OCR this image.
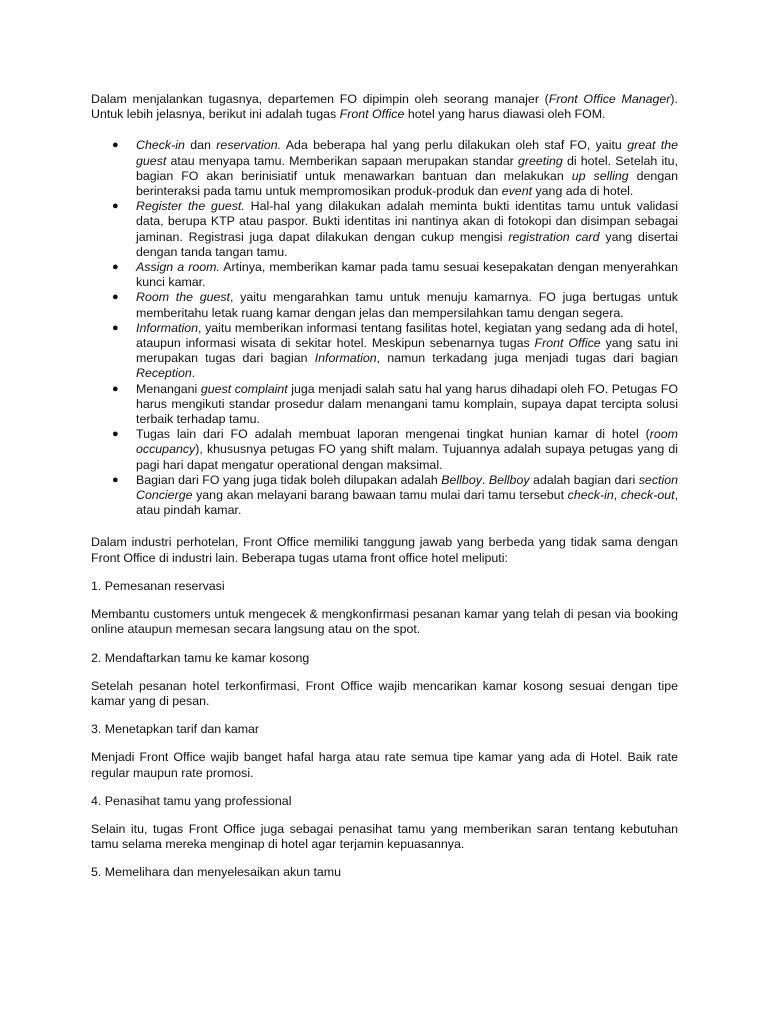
Dalam menjalankan tugasnya, departemen FO dipimpin oleh seorang manajer (Front Office Manager). Untuk lebih jelasnya, berikut ini adalah tugas Front Office hotel yang harus diawasi oleh FOM.

● Check-in dan reservation. Ada beberapa hal yang perlu dilakukan oleh staf FO, yaitu great the guest atau menyapa tamu. Memberikan sapaan merupakan standar greeting di hotel. Setelah itu, bagian FO akan berinisiatif untuk menawarkan bantuan dan melakukan up selling dengan berinteraksi pada tamu untuk mempromosikan produk-produk dan event yang ada di hotel.
● Register the guest. Hal-hal yang dilakukan adalah meminta bukti identitas tamu untuk validasi data, berupa KTP atau paspor. Bukti identitas ini nantinya akan di fotokopi dan disimpan sebagai jaminan. Registrasi juga dapat dilakukan dengan cukup mengisi registration card yang disertai dengan tanda tangan tamu.
● Assign a room. Artinya, memberikan kamar pada tamu sesuai kesepakatan dengan menyerahkan kunci kamar.
● Room the guest, yaitu mengarahkan tamu untuk menuju kamarnya. FO juga bertugas untuk memberitahu letak ruang kamar dengan jelas dan mempersilahkan tamu dengan segera.
● Information, yaitu memberikan informasi tentang fasilitas hotel, kegiatan yang sedang ada di hotel, ataupun informasi wisata di sekitar hotel. Meskipun sebenarnya tugas Front Office yang satu ini merupakan tugas dari bagian Information, namun terkadang juga menjadi tugas dari bagian Reception.
● Menangani guest complaint juga menjadi salah satu hal yang harus dihadapi oleh FO. Petugas FO harus mengikuti standar prosedur dalam menangani tamu komplain, supaya dapat tercipta solusi terbaik terhadap tamu.
● Tugas lain dari FO adalah membuat laporan mengenai tingkat hunian kamar di hotel (room occupancy), khususnya petugas FO yang shift malam. Tujuannya adalah supaya petugas yang di pagi hari dapat mengatur operational dengan maksimal.
● Bagian dari FO yang juga tidak boleh dilupakan adalah Bellboy. Bellboy adalah bagian dari section Concierge yang akan melayani barang bawaan tamu mulai dari tamu tersebut check-in, check-out, atau pindah kamar.

Dalam industri perhotelan, Front Office memiliki tanggung jawab yang berbeda yang tidak sama dengan Front Office di industri lain. Beberapa tugas utama front office hotel meliputi:

1. Pemesanan reservasi

Membantu customers untuk mengecek & mengkonfirmasi pesanan kamar yang telah di pesan via booking online ataupun memesan secara langsung atau on the spot.

2. Mendaftarkan tamu ke kamar kosong

Setelah pesanan hotel terkonfirmasi, Front Office wajib mencarikan kamar kosong sesuai dengan tipe kamar yang di pesan.

3. Menetapkan tarif dan kamar

Menjadi Front Office wajib banget hafal harga atau rate semua tipe kamar yang ada di Hotel. Baik rate regular maupun rate promosi.

4. Penasihat tamu yang professional

Selain itu, tugas Front Office juga sebagai penasihat tamu yang memberikan saran tentang kebutuhan tamu selama mereka menginap di hotel agar terjamin kepuasannya.

5. Memelihara dan menyelesaikan akun tamu
